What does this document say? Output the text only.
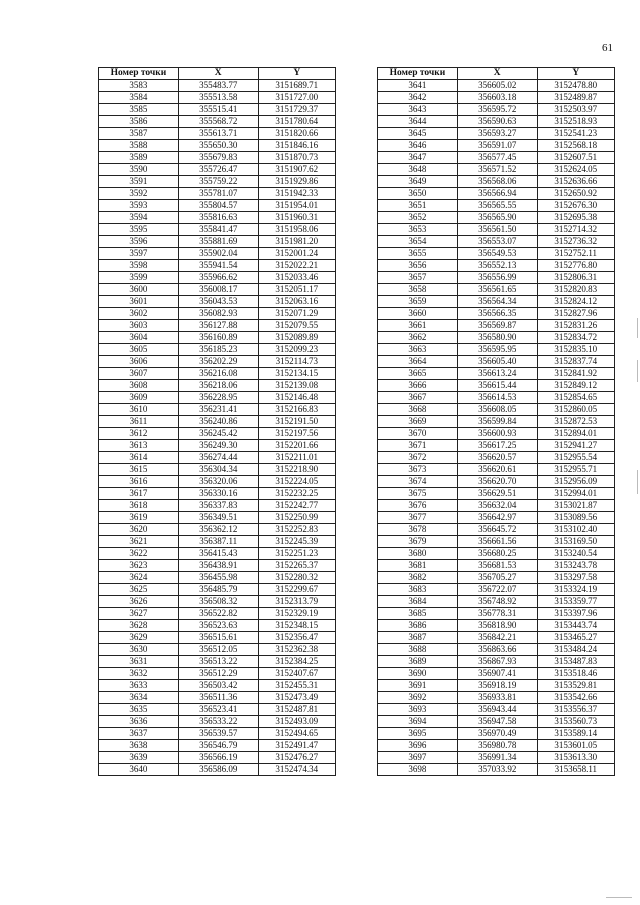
61
Номер точки	X	Y
3583	355483.77	3151689.71
3584	355513.58	3151727.00
3585	355515.41	3151729.37
3586	355568.72	3151780.64
3587	355613.71	3151820.66
3588	355650.30	3151846.16
3589	355679.83	3151870.73
3590	355726.47	3151907.62
3591	355759.22	3151929.86
3592	355781.07	3151942.33
3593	355804.57	3151954.01
3594	355816.63	3151960.31
3595	355841.47	3151958.06
3596	355881.69	3151981.20
3597	355902.04	3152001.24
3598	355941.54	3152022.21
3599	355966.62	3152033.46
3600	356008.17	3152051.17
3601	356043.53	3152063.16
3602	356082.93	3152071.29
3603	356127.88	3152079.55
3604	356160.89	3152089.89
3605	356185.23	3152099.23
3606	356202.29	3152114.73
3607	356216.08	3152134.15
3608	356218.06	3152139.08
3609	356228.95	3152146.48
3610	356231.41	3152166.83
3611	356240.86	3152191.50
3612	356245.42	3152197.56
3613	356249.30	3152201.66
3614	356274.44	3152211.01
3615	356304.34	3152218.90
3616	356320.06	3152224.05
3617	356330.16	3152232.25
3618	356337.83	3152242.77
3619	356349.51	3152250.99
3620	356362.12	3152252.83
3621	356387.11	3152245.39
3622	356415.43	3152251.23
3623	356438.91	3152265.37
3624	356455.98	3152280.32
3625	356485.79	3152299.67
3626	356508.32	3152313.79
3627	356522.82	3152329.19
3628	356523.63	3152348.15
3629	356515.61	3152356.47
3630	356512.05	3152362.38
3631	356513.22	3152384.25
3632	356512.29	3152407.67
3633	356503.42	3152455.31
3634	356511.36	3152473.49
3635	356523.41	3152487.81
3636	356533.22	3152493.09
3637	356539.57	3152494.65
3638	356546.79	3152491.47
3639	356566.19	3152476.27
3640	356586.09	3152474.34
Номер точки	X	Y
3641	356605.02	3152478.80
3642	356603.18	3152489.87
3643	356595.72	3152503.97
3644	356590.63	3152518.93
3645	356593.27	3152541.23
3646	356591.07	3152568.18
3647	356577.45	3152607.51
3648	356571.52	3152624.05
3649	356568.06	3152636.66
3650	356566.94	3152650.92
3651	356565.55	3152676.30
3652	356565.90	3152695.38
3653	356561.50	3152714.32
3654	356553.07	3152736.32
3655	356549.53	3152752.11
3656	356552.13	3152776.80
3657	356556.99	3152806.31
3658	356561.65	3152820.83
3659	356564.34	3152824.12
3660	356566.35	3152827.96
3661	356569.87	3152831.26
3662	356580.90	3152834.72
3663	356595.95	3152835.10
3664	356605.40	3152837.74
3665	356613.24	3152841.92
3666	356615.44	3152849.12
3667	356614.53	3152854.65
3668	356608.05	3152860.05
3669	356599.84	3152872.53
3670	356600.93	3152894.01
3671	356617.25	3152941.27
3672	356620.57	3152955.54
3673	356620.61	3152955.71
3674	356620.70	3152956.09
3675	356629.51	3152994.01
3676	356632.04	3153021.87
3677	356642.97	3153089.56
3678	356645.72	3153102.40
3679	356661.56	3153169.50
3680	356680.25	3153240.54
3681	356681.53	3153243.78
3682	356705.27	3153297.58
3683	356722.07	3153324.19
3684	356748.92	3153359.77
3685	356778.31	3153397.96
3686	356818.90	3153443.74
3687	356842.21	3153465.27
3688	356863.66	3153484.24
3689	356867.93	3153487.83
3690	356907.41	3153518.46
3691	356918.19	3153529.81
3692	356933.81	3153542.66
3693	356943.44	3153556.37
3694	356947.58	3153560.73
3695	356970.49	3153589.14
3696	356980.78	3153601.05
3697	356991.34	3153613.30
3698	357033.92	3153658.11
